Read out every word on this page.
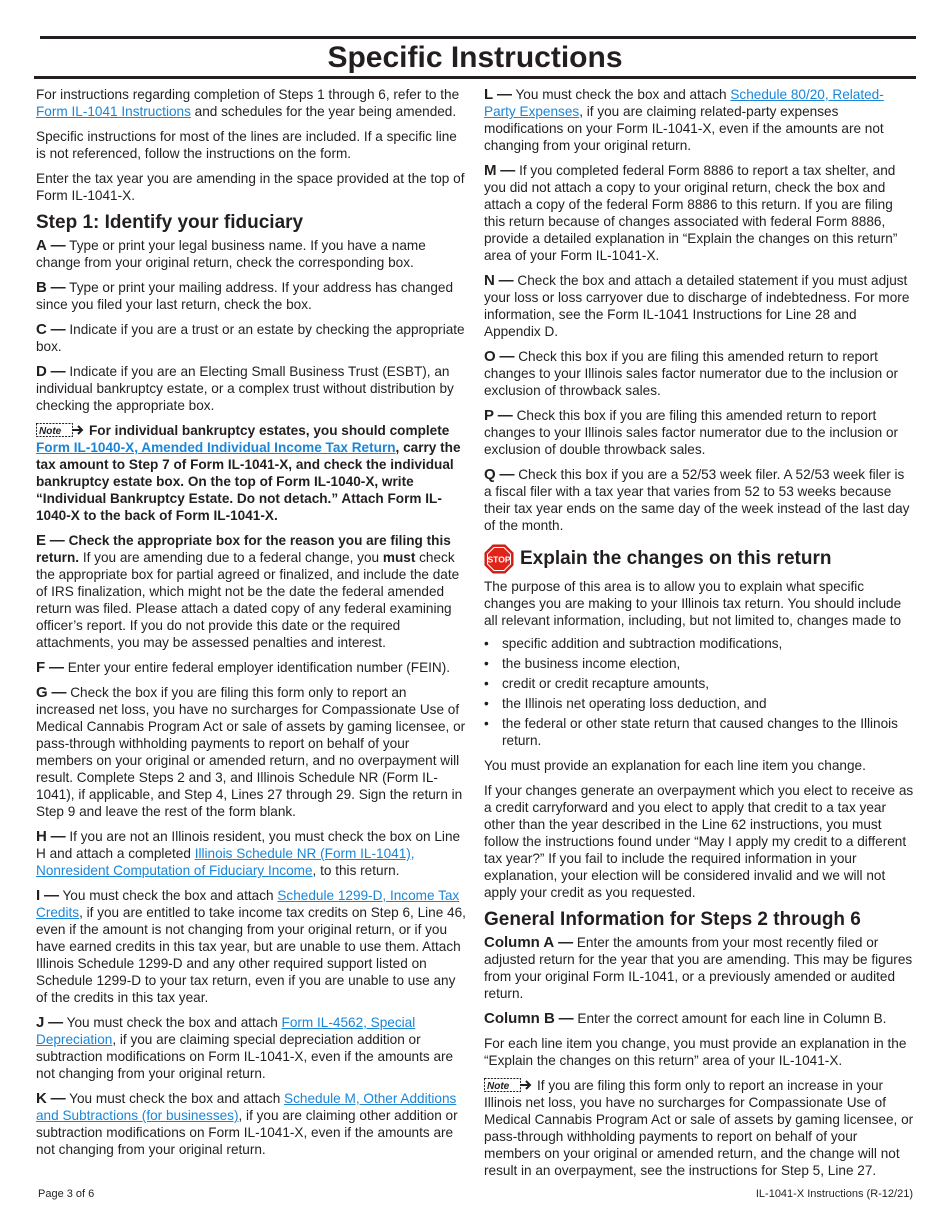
Specific Instructions

For instructions regarding completion of Steps 1 through 6, refer to the Form IL-1041 Instructions and schedules for the year being amended.

Specific instructions for most of the lines are included. If a specific line is not referenced, follow the instructions on the form.

Enter the tax year you are amending in the space provided at the top of Form IL-1041-X.

Step 1: Identify your fiduciary

A — Type or print your legal business name. If you have a name change from your original return, check the corresponding box.

B — Type or print your mailing address. If your address has changed since you filed your last return, check the box.

C — Indicate if you are a trust or an estate by checking the appropriate box.

D — Indicate if you are an Electing Small Business Trust (ESBT), an individual bankruptcy estate, or a complex trust without distribution by checking the appropriate box.

Note For individual bankruptcy estates, you should complete Form IL-1040-X, Amended Individual Income Tax Return, carry the tax amount to Step 7 of Form IL-1041-X, and check the individual bankruptcy estate box. On the top of Form IL-1040-X, write “Individual Bankruptcy Estate. Do not detach.” Attach Form IL-1040-X to the back of Form IL-1041-X.

E — Check the appropriate box for the reason you are filing this return. If you are amending due to a federal change, you must check the appropriate box for partial agreed or finalized, and include the date of IRS finalization, which might not be the date the federal amended return was filed. Please attach a dated copy of any federal examining officer’s report. If you do not provide this date or the required attachments, you may be assessed penalties and interest.

F — Enter your entire federal employer identification number (FEIN).

G — Check the box if you are filing this form only to report an increased net loss, you have no surcharges for Compassionate Use of Medical Cannabis Program Act or sale of assets by gaming licensee, or pass-through withholding payments to report on behalf of your members on your original or amended return, and no overpayment will result. Complete Steps 2 and 3, and Illinois Schedule NR (Form IL-1041), if applicable, and Step 4, Lines 27 through 29. Sign the return in Step 9 and leave the rest of the form blank.

H — If you are not an Illinois resident, you must check the box on Line H and attach a completed Illinois Schedule NR (Form IL-1041), Nonresident Computation of Fiduciary Income, to this return.

I — You must check the box and attach Schedule 1299-D, Income Tax Credits, if you are entitled to take income tax credits on Step 6, Line 46, even if the amount is not changing from your original return, or if you have earned credits in this tax year, but are unable to use them. Attach Illinois Schedule 1299-D and any other required support listed on Schedule 1299-D to your tax return, even if you are unable to use any of the credits in this tax year.

J — You must check the box and attach Form IL-4562, Special Depreciation, if you are claiming special depreciation addition or subtraction modifications on Form IL-1041-X, even if the amounts are not changing from your original return.

K — You must check the box and attach Schedule M, Other Additions and Subtractions (for businesses), if you are claiming other addition or subtraction modifications on Form IL-1041-X, even if the amounts are not changing from your original return.

L — You must check the box and attach Schedule 80/20, Related-Party Expenses, if you are claiming related-party expenses modifications on your Form IL-1041-X, even if the amounts are not changing from your original return.

M — If you completed federal Form 8886 to report a tax shelter, and you did not attach a copy to your original return, check the box and attach a copy of the federal Form 8886 to this return. If you are filing this return because of changes associated with federal Form 8886, provide a detailed explanation in “Explain the changes on this return” area of your Form IL-1041-X.

N — Check the box and attach a detailed statement if you must adjust your loss or loss carryover due to discharge of indebtedness. For more information, see the Form IL-1041 Instructions for Line 28 and Appendix D.

O — Check this box if you are filing this amended return to report changes to your Illinois sales factor numerator due to the inclusion or exclusion of throwback sales.

P — Check this box if you are filing this amended return to report changes to your Illinois sales factor numerator due to the inclusion or exclusion of double throwback sales.

Q — Check this box if you are a 52/53 week filer. A 52/53 week filer is a fiscal filer with a tax year that varies from 52 to 53 weeks because their tax year ends on the same day of the week instead of the last day of the month.

STOP Explain the changes on this return

The purpose of this area is to allow you to explain what specific changes you are making to your Illinois tax return. You should include all relevant information, including, but not limited to, changes made to

• specific addition and subtraction modifications,
• the business income election,
• credit or credit recapture amounts,
• the Illinois net operating loss deduction, and
• the federal or other state return that caused changes to the Illinois return.

You must provide an explanation for each line item you change.

If your changes generate an overpayment which you elect to receive as a credit carryforward and you elect to apply that credit to a tax year other than the year described in the Line 62 instructions, you must follow the instructions found under “May I apply my credit to a different tax year?” If you fail to include the required information in your explanation, your election will be considered invalid and we will not apply your credit as you requested.

General Information for Steps 2 through 6

Column A — Enter the amounts from your most recently filed or adjusted return for the year that you are amending. This may be figures from your original Form IL-1041, or a previously amended or audited return.

Column B — Enter the correct amount for each line in Column B.

For each line item you change, you must provide an explanation in the “Explain the changes on this return” area of your IL-1041-X.

Note If you are filing this form only to report an increase in your Illinois net loss, you have no surcharges for Compassionate Use of Medical Cannabis Program Act or sale of assets by gaming licensee, or pass-through withholding payments to report on behalf of your members on your original or amended return, and the change will not result in an overpayment, see the instructions for Step 5, Line 27.

Page 3 of 6	IL-1041-X Instructions (R-12/21)
